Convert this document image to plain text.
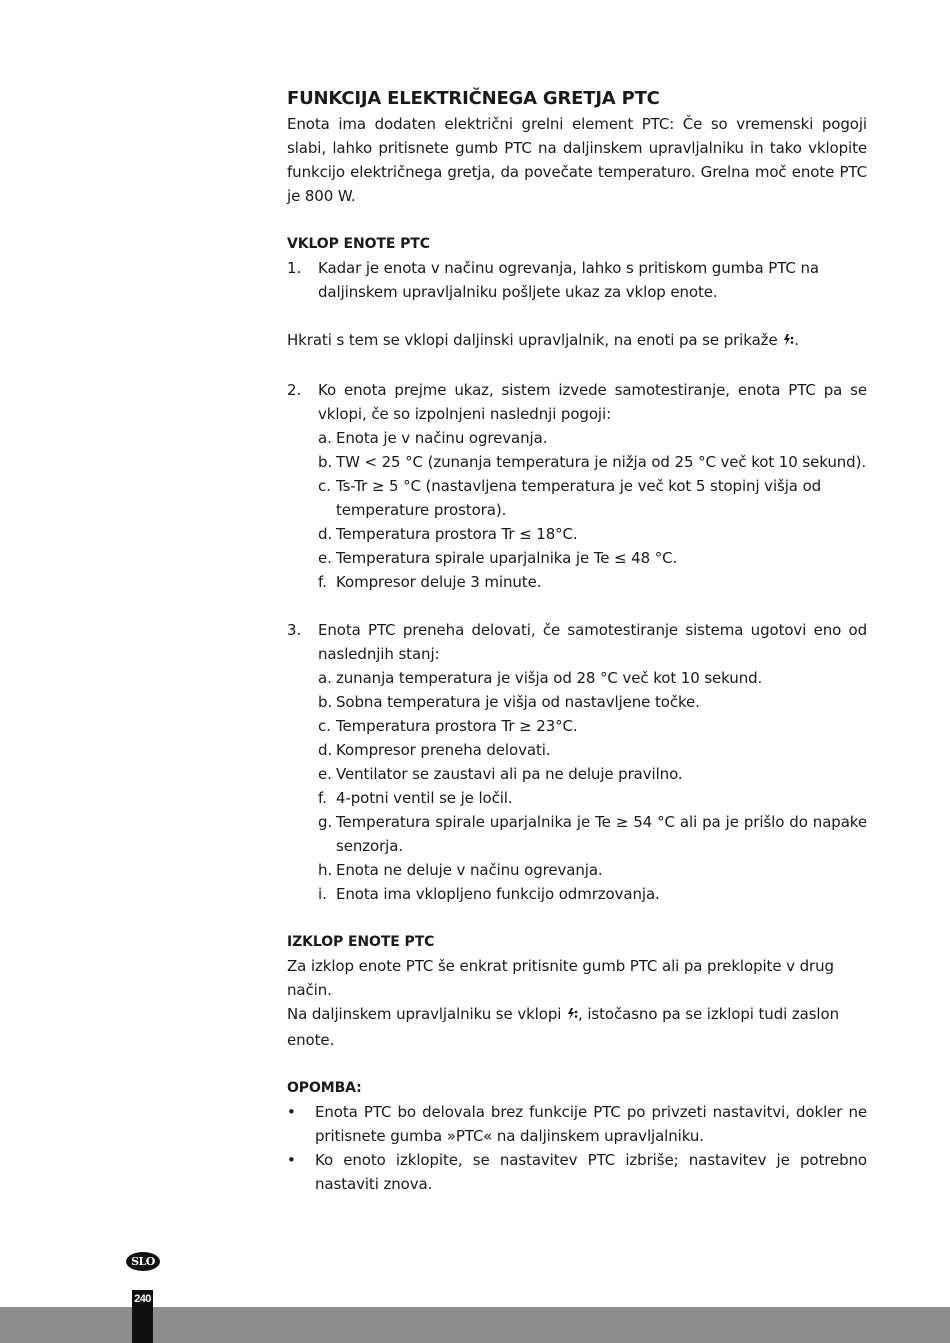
FUNKCIJA ELEKTRIČNEGA GRETJA PTC

Enota ima dodaten električni grelni element PTC: Če so vremenski pogoji slabi, lahko pritisnete gumb PTC na daljinskem upravljalniku in tako vklopite funkcijo električnega gretja, da povečate temperaturo. Grelna moč enote PTC je 800 W.

VKLOP ENOTE PTC

1. Kadar je enota v načinu ogrevanja, lahko s pritiskom gumba PTC na daljinskem upravljalniku pošljete ukaz za vklop enote.

Hkrati s tem se vklopi daljinski upravljalnik, na enoti pa se prikaže .

2. Ko enota prejme ukaz, sistem izvede samotestiranje, enota PTC pa se vklopi, če so izpolnjeni naslednji pogoji:
a. Enota je v načinu ogrevanja.
b. TW < 25 °C (zunanja temperatura je nižja od 25 °C več kot 10 sekund).
c. Ts-Tr ≥ 5 °C (nastavljena temperatura je več kot 5 stopinj višja od temperature prostora).
d. Temperatura prostora Tr ≤ 18°C.
e. Temperatura spirale uparjalnika je Te ≤ 48 °C.
f. Kompresor deluje 3 minute.
3. Enota PTC preneha delovati, če samotestiranje sistema ugotovi eno od naslednjih stanj:
a. zunanja temperatura je višja od 28 °C več kot 10 sekund.
b. Sobna temperatura je višja od nastavljene točke.
c. Temperatura prostora Tr ≥ 23°C.
d. Kompresor preneha delovati.
e. Ventilator se zaustavi ali pa ne deluje pravilno.
f. 4-potni ventil se je ločil.
g. Temperatura spirale uparjalnika je Te ≥ 54 °C ali pa je prišlo do napake senzorja.
h. Enota ne deluje v načinu ogrevanja.
i. Enota ima vklopljeno funkcijo odmrzovanja.

IZKLOP ENOTE PTC

Za izklop enote PTC še enkrat pritisnite gumb PTC ali pa preklopite v drug način.

Na daljinskem upravljalniku se vklopi , istočasno pa se izklopi tudi zaslon enote.

OPOMBA:

• Enota PTC bo delovala brez funkcije PTC po privzeti nastavitvi, dokler ne pritisnete gumba »PTC« na daljinskem upravljalniku.
• Ko enoto izklopite, se nastavitev PTC izbriše; nastavitev je potrebno nastaviti znova.
SLO
240
